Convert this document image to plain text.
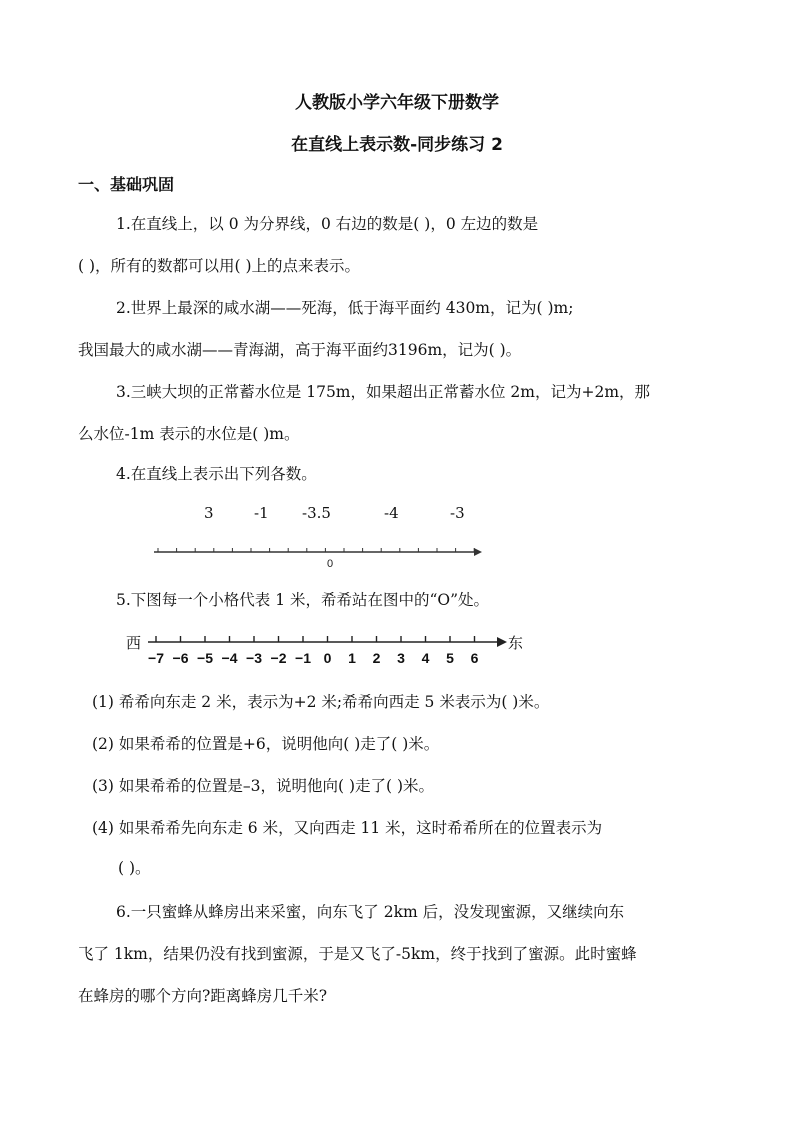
人教版小学六年级下册数学
在直线上表示数-同步练习 2
一、基础巩固
1.在直线上，以 0 为分界线，0 右边的数是( )，0 左边的数是
( )，所有的数都可以用( )上的点来表示。
2.世界上最深的咸水湖——死海，低于海平面约 430m，记为( )m;
我国最大的咸水湖——青海湖，高于海平面约3196m，记为( )。
3.三峡大坝的正常蓄水位是 175m，如果超出正常蓄水位 2m，记为+2m，那
么水位-1m 表示的水位是( )m。
4.在直线上表示出下列各数。
3	-1 -3.5	-4	-3
0
5.下图每一个小格代表 1 米，希希站在图中的“O”处。
西	东
−7 −6 −5 −4 −3 −2 −1 0 1 2 3 4 5 6
(1) 希希向东走 2 米，表示为+2 米;希希向西走 5 米表示为( )米。
(2) 如果希希的位置是+6，说明他向( )走了( )米。
(3) 如果希希的位置是–3，说明他向( )走了( )米。
(4) 如果希希先向东走 6 米，又向西走 11 米，这时希希所在的位置表示为
( )。
6.一只蜜蜂从蜂房出来采蜜，向东飞了 2km 后，没发现蜜源，又继续向东
飞了 1km，结果仍没有找到蜜源，于是又飞了-5km，终于找到了蜜源。此时蜜蜂
在蜂房的哪个方向?距离蜂房几千米?
